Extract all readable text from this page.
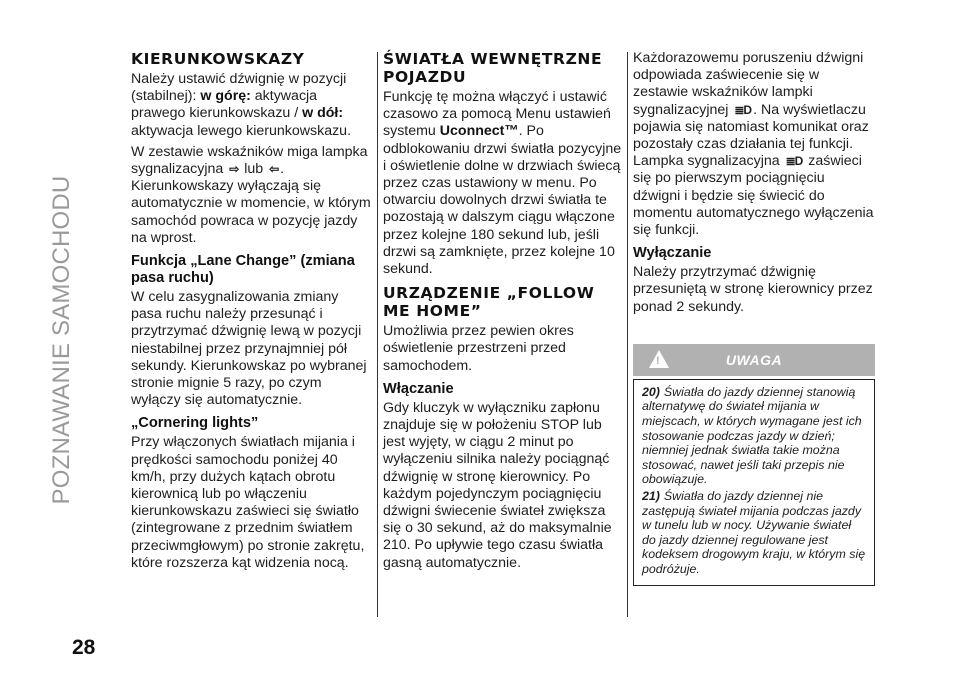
POZNAWANIE SAMOCHODU
28
KIERUNKOWSKAZY

Należy ustawić dźwignię w pozycji (stabilnej): w górę: aktywacja prawego kierunkowskazu / w dół: aktywacja lewego kierunkowskazu.

W zestawie wskaźników miga lampka sygnalizacyjna ⇨ lub ⇦ . Kierunkowskazy wyłączają się automatycznie w momencie, w którym samochód powraca w pozycję jazdy na wprost.

Funkcja „Lane Change” (zmiana pasa ruchu)

W celu zasygnalizowania zmiany pasa ruchu należy przesunąć i przytrzymać dźwignię lewą w pozycji niestabilnej przez przynajmniej pół sekundy. Kierunkowskaz po wybranej stronie mignie 5 razy, po czym wyłączy się automatycznie.

„Cornering lights”

Przy włączonych światłach mijania i prędkości samochodu poniżej 40 km/h, przy dużych kątach obrotu kierownicą lub po włączeniu kierunkowskazu zaświeci się światło (zintegrowane z przednim światłem przeciwmgłowym) po stronie zakrętu, które rozszerza kąt widzenia nocą.

ŚWIATŁA WEWNĘTRZNE POJAZDU

Funkcję tę można włączyć i ustawić czasowo za pomocą Menu ustawień systemu Uconnect™. Po odblokowaniu drzwi światła pozycyjne i oświetlenie dolne w drzwiach świecą przez czas ustawiony w menu. Po otwarciu dowolnych drzwi światła te pozostają w dalszym ciągu włączone przez kolejne 180 sekund lub, jeśli drzwi są zamknięte, przez kolejne 10 sekund.

URZĄDZENIE „FOLLOW ME HOME”

Umożliwia przez pewien okres oświetlenie przestrzeni przed samochodem.

Włączanie

Gdy kluczyk w wyłączniku zapłonu znajduje się w położeniu STOP lub jest wyjęty, w ciągu 2 minut po wyłączeniu silnika należy pociągnąć dźwignię w stronę kierownicy. Po każdym pojedynczym pociągnięciu dźwigni świecenie świateł zwiększa się o 30 sekund, aż do maksymalnie 210. Po upływie tego czasu światła gasną automatycznie.

Każdorazowemu poruszeniu dźwigni odpowiada zaświecenie się w zestawie wskaźników lampki sygnalizacyjnej ≣D . Na wyświetlaczu pojawia się natomiast komunikat oraz pozostały czas działania tej funkcji. Lampka sygnalizacyjna ≣D zaświeci się po pierwszym pociągnięciu dźwigni i będzie się świecić do momentu automatycznego wyłączenia się funkcji.

Wyłączanie

Należy przytrzymać dźwignię przesuniętą w stronę kierownicy przez ponad 2 sekundy.

!	UWAGA

20) Światła do jazdy dziennej stanowią alternatywę do świateł mijania w miejscach, w których wymagane jest ich stosowanie podczas jazdy w dzień; niemniej jednak światła takie można stosować, nawet jeśli taki przepis nie obowiązuje.

21) Światła do jazdy dziennej nie zastępują świateł mijania podczas jazdy w tunelu lub w nocy. Używanie świateł do jazdy dziennej regulowane jest kodeksem drogowym kraju, w którym się podróżuje.
